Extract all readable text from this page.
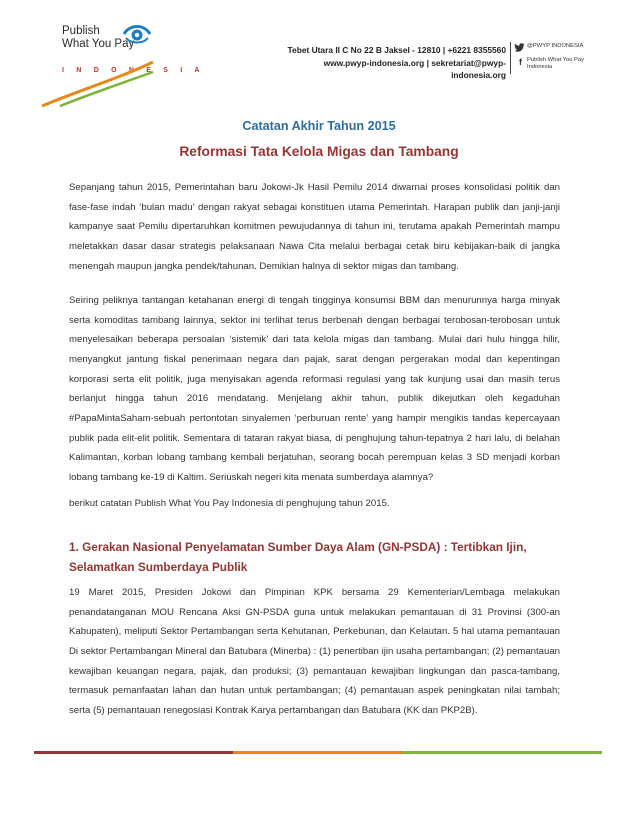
Publish
What You Pay
I N D O N E S I A
Tebet Utara II C No 22 B Jaksel - 12810 | +6221 8355560
www.pwyp-indonesia.org | sekretariat@pwyp-indonesia.org
@PWYP INDONESIA
f Publish What You Pay Indonesia
Catatan Akhir Tahun 2015
Reformasi Tata Kelola Migas dan Tambang

Sepanjang tahun 2015, Pemerintahan baru Jokowi-Jk Hasil Pemilu 2014 diwarnai proses konsolidasi politik dan fase-fase indah ‘bulan madu’ dengan rakyat sebagai konstituen utama Pemerintah. Harapan publik dan janji-janji kampanye saat Pemilu dipertaruhkan komitmen pewujudannya di tahun ini, terutama apakah Pemerintah mampu meletakkan dasar dasar strategis pelaksanaan Nawa Cita melalui berbagai cetak biru kebijakan-baik di jangka menengah maupun jangka pendek/tahunan. Demikian halnya di sektor migas dan tambang.

Seiring peliknya tantangan ketahanan energi di tengah tingginya konsumsi BBM dan menurunnya harga minyak serta komoditas tambang lainnya, sektor ini terlihat terus berbenah dengan berbagai terobosan-terobosan untuk menyelesaikan beberapa persoalan ‘sistemik’ dari tata kelola migas dan tambang. Mulai dari hulu hingga hilir, menyangkut jantung fiskal penerimaan negara dan pajak, sarat dengan pergerakan modal dan kepentingan korporasi serta elit politik, juga menyisakan agenda reformasi regulasi yang tak kunjung usai dan masih terus berlanjut hingga tahun 2016 mendatang. Menjelang akhir tahun, publik dikejutkan oleh kegaduhan #PapaMintaSaham-sebuah pertontotan sinyalemen ‘perburuan rente’ yang hampir mengikis tandas kepercayaan publik pada elit-elit politik. Sementara di tataran rakyat biasa, di penghujung tahun-tepatnya 2 hari lalu, di belahan Kalimantan, korban lobang tambang kembali berjatuhan, seorang bocah perempuan kelas 3 SD menjadi korban lobang tambang ke-19 di Kaltim. Seriuskah negeri kita menata sumberdaya alamnya?

berikut catatan Publish What You Pay Indonesia di penghujung tahun 2015.

1. Gerakan Nasional Penyelamatan Sumber Daya Alam (GN-PSDA) : Tertibkan Ijin, Selamatkan Sumberdaya Publik

19 Maret 2015, Presiden Jokowi dan Pimpinan KPK bersama 29 Kementerian/Lembaga melakukan penandatanganan MOU Rencana Aksi GN-PSDA guna untuk melakukan pemantauan di 31 Provinsi (300-an Kabupaten), meliputi Sektor Pertambangan serta Kehutanan, Perkebunan, dan Kelautan. 5 hal utama pemantauan Di sektor Pertambangan Mineral dan Batubara (Minerba) : (1) penertiban ijin usaha pertambangan; (2) pemantauan kewajiban keuangan negara, pajak, dan produksi; (3) pemantauan kewajiban lingkungan dan pasca-tambang, termasuk pemanfaatan lahan dan hutan untuk pertambangan; (4) pemantauan aspek peningkatan nilai tambah; serta (5) pemantauan renegosiasi Kontrak Karya pertambangan dan Batubara (KK dan PKP2B).
